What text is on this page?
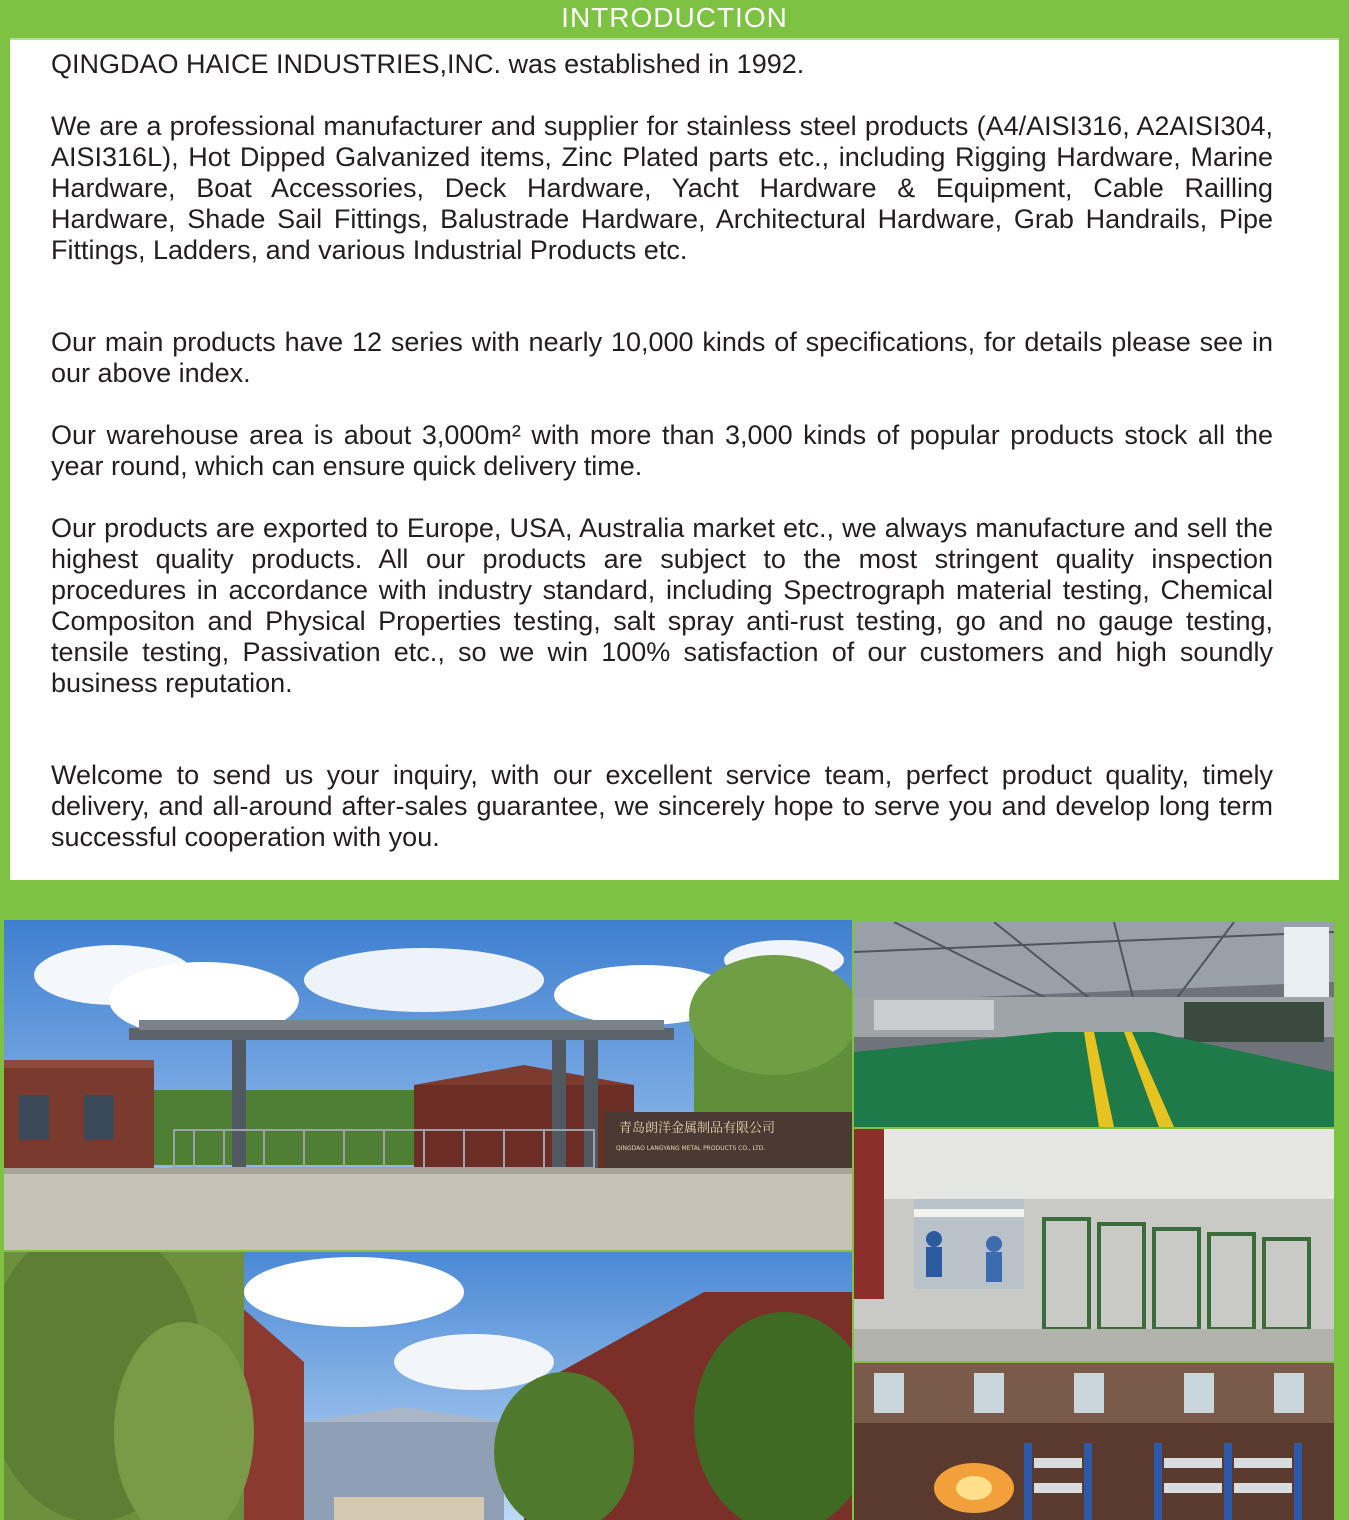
INTRODUCTION

QINGDAO HAICE INDUSTRIES,INC. was established in 1992.

We are a professional manufacturer and supplier for stainless steel products (A4/AISI316, A2AISI304, AISI316L), Hot Dipped Galvanized items, Zinc Plated parts etc., including Rigging Hardware, Marine Hardware, Boat Accessories, Deck Hardware, Yacht Hardware & Equipment, Cable Railling Hardware, Shade Sail Fittings, Balustrade Hardware, Architectural Hardware, Grab Handrails, Pipe Fittings, Ladders, and various Industrial Products etc.

Our main products have 12 series with nearly 10,000 kinds of specifications, for details please see in our above index.

Our warehouse area is about 3,000m² with more than 3,000 kinds of popular products stock all the year round, which can ensure quick delivery time.

Our products are exported to Europe, USA, Australia market etc., we always manufacture and sell the highest quality products. All our products are subject to the most stringent quality inspection procedures in accordance with industry standard, including Spectrograph material testing, Chemical Compositon and Physical Properties testing, salt spray anti-rust testing, go and no gauge testing, tensile testing, Passivation etc., so we win 100% satisfaction of our customers and high soundly business reputation.

Welcome to send us your inquiry, with our excellent service team, perfect product quality, timely delivery, and all-around after-sales guarantee, we sincerely hope to serve you and develop long term successful cooperation with you.

青岛朗洋金属制品有限公司
QINGDAO LANGYANG METAL PRODUCTS CO., LTD.
